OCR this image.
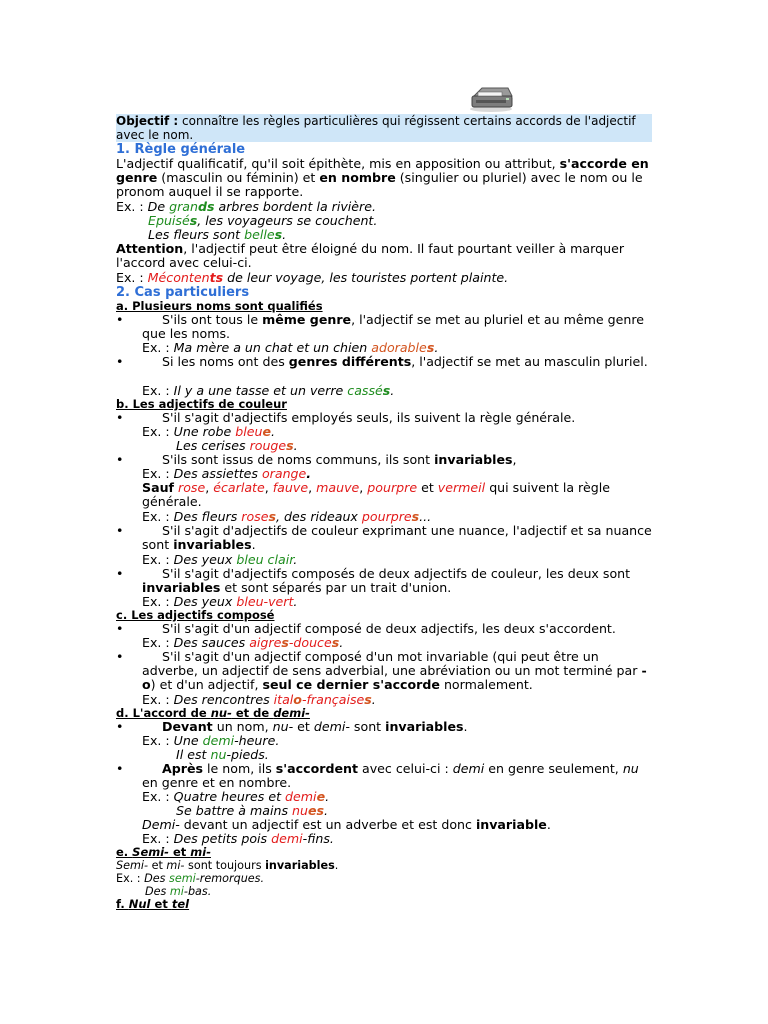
Objectif : connaître les règles particulières qui régissent certains accords de l'adjectif avec le nom.
1. Règle générale
L'adjectif qualificatif, qu'il soit épithète, mis en apposition ou attribut, s'accorde en genre (masculin ou féminin) et en nombre (singulier ou pluriel) avec le nom ou le pronom auquel il se rapporte.
Ex. : De grands arbres bordent la rivière.
Epuisés, les voyageurs se couchent.
Les fleurs sont belles.
Attention, l'adjectif peut être éloigné du nom. Il faut pourtant veiller à marquer l'accord avec celui-ci.
Ex. : Mécontents de leur voyage, les touristes portent plainte.
2. Cas particuliers
a. Plusieurs noms sont qualifiés
•	S'ils ont tous le même genre, l'adjectif se met au pluriel et au même genre que les noms.
Ex. : Ma mère a un chat et un chien adorables.
•	Si les noms ont des genres différents, l'adjectif se met au masculin pluriel.
Ex. : Il y a une tasse et un verre cassés.
b. Les adjectifs de couleur
•	S'il s'agit d'adjectifs employés seuls, ils suivent la règle générale.
Ex. : Une robe bleue.
Les cerises rouges.
•	S'ils sont issus de noms communs, ils sont invariables,
Ex. : Des assiettes orange.
Sauf rose, écarlate, fauve, mauve, pourpre et vermeil qui suivent la règle générale.
Ex. : Des fleurs roses, des rideaux pourpres...
•	S'il s'agit d'adjectifs de couleur exprimant une nuance, l'adjectif et sa nuance sont invariables.
Ex. : Des yeux bleu clair.
•	S'il s'agit d'adjectifs composés de deux adjectifs de couleur, les deux sont invariables et sont séparés par un trait d'union.
Ex. : Des yeux bleu-vert.
c. Les adjectifs composé
•	S'il s'agit d'un adjectif composé de deux adjectifs, les deux s'accordent.
Ex. : Des sauces aigres-douces.
•	S'il s'agit d'un adjectif composé d'un mot invariable (qui peut être un adverbe, un adjectif de sens adverbial, une abréviation ou un mot terminé par -o) et d'un adjectif, seul ce dernier s'accorde normalement.
Ex. : Des rencontres italo-françaises.
d. L'accord de nu- et de demi-
•	Devant un nom, nu- et demi- sont invariables.
Ex. : Une demi-heure.
Il est nu-pieds.
•	Après le nom, ils s'accordent avec celui-ci : demi en genre seulement, nu en genre et en nombre.
Ex. : Quatre heures et demie.
Se battre à mains nues.
Demi- devant un adjectif est un adverbe et est donc invariable.
Ex. : Des petits pois demi-fins.
e. Semi- et mi-
Semi- et mi- sont toujours invariables.
Ex. : Des semi-remorques.
Des mi-bas.
f. Nul et tel
